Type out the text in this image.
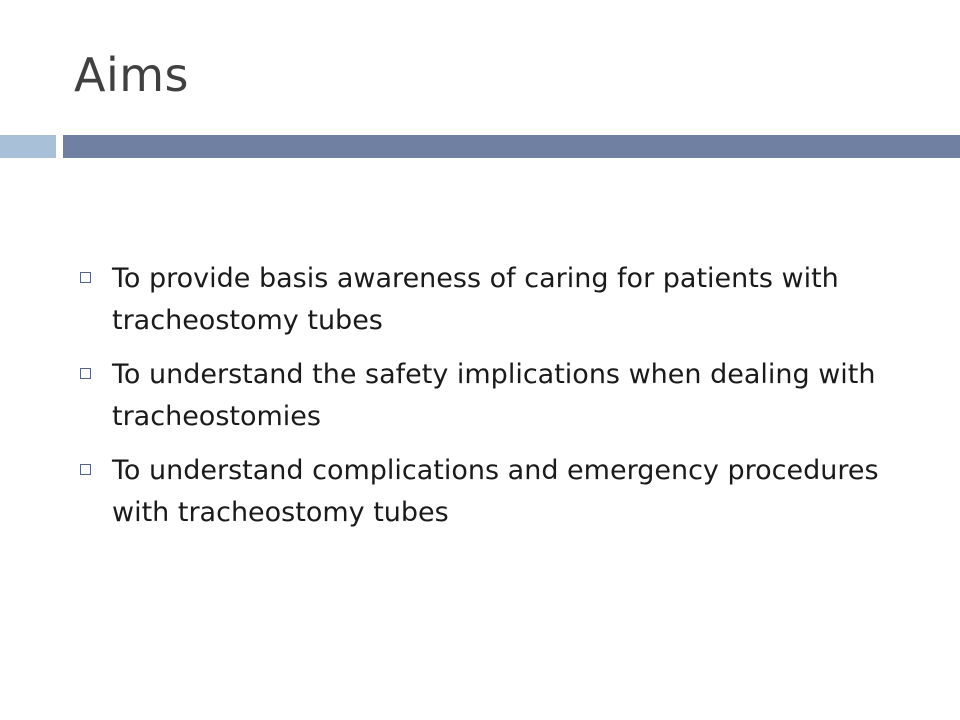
Aims
To provide basis awareness of caring for patients with tracheostomy tubes
To understand the safety implications when dealing with tracheostomies
To understand complications and emergency procedures with tracheostomy tubes
